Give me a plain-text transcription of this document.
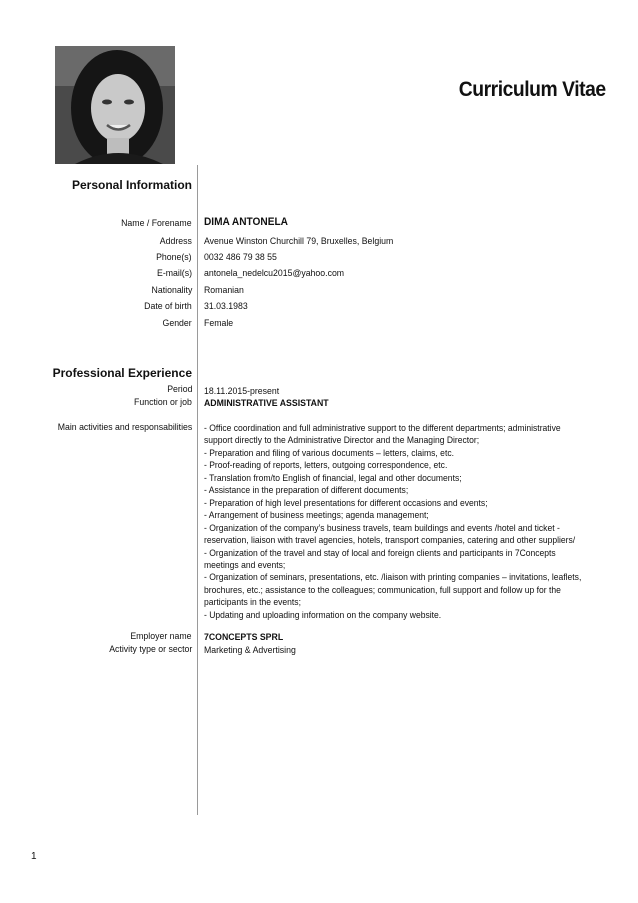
Curriculum Vitae
Personal Information
Name / Forename DIMA ANTONELA
Address Avenue Winston Churchill 79, Bruxelles, Belgium
Phone(s) 0032 486 79 38 55
E-mail(s) antonela_nedelcu2015@yahoo.com
Nationality Romanian
Date of birth 31.03.1983
Gender Female
Professional Experience
Period 18.11.2015-present
Function or job ADMINISTRATIVE ASSISTANT
Main activities and responsabilities - Office coordination and full administrative support to the different departments; administrative
support directly to the Administrative Director and the Managing Director;
- Preparation and filing of various documents – letters, claims, etc.
- Proof-reading of reports, letters, outgoing correspondence, etc.
- Translation from/to English of financial, legal and other documents;
- Assistance in the preparation of different documents;
- Preparation of high level presentations for different occasions and events;
- Arrangement of business meetings; agenda management;
- Organization of the company’s business travels, team buildings and events /hotel and ticket -
reservation, liaison with travel agencies, hotels, transport companies, catering and other suppliers/
- Organization of the travel and stay of local and foreign clients and participants in 7Concepts
meetings and events;
- Organization of seminars, presentations, etc. /liaison with printing companies – invitations, leaflets,
brochures, etc.; assistance to the colleagues; communication, full support and follow up for the
participants in the events;
- Updating and uploading information on the company website.
Employer name 7CONCEPTS SPRL
Activity type or sector Marketing & Advertising
1
